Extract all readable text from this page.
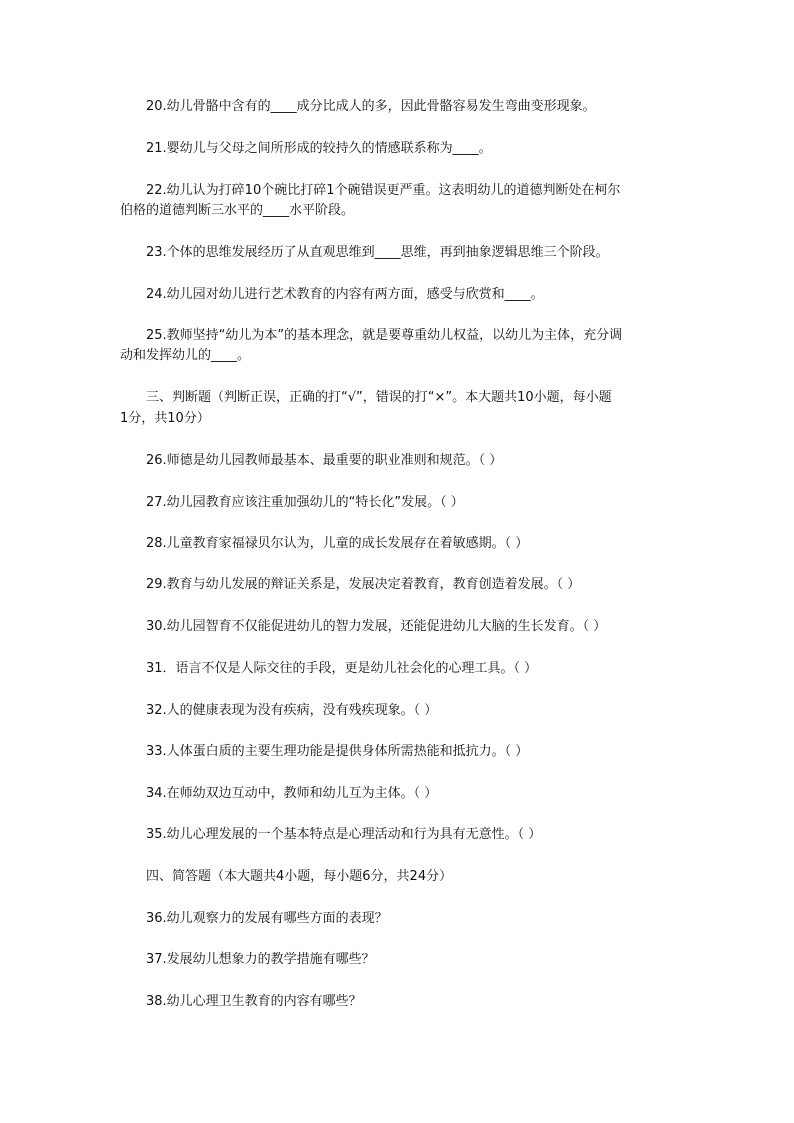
20.幼儿骨骼中含有的____成分比成人的多，因此骨骼容易发生弯曲变形现象。
21.婴幼儿与父母之间所形成的较持久的情感联系称为____。
22.幼儿认为打碎10个碗比打碎1个碗错误更严重。这表明幼儿的道德判断处在柯尔
伯格的道德判断三水平的____水平阶段。
23.个体的思维发展经历了从直观思维到____思维，再到抽象逻辑思维三个阶段。
24.幼儿园对幼儿进行艺术教育的内容有两方面，感受与欣赏和____。
25.教师坚持“幼儿为本”的基本理念，就是要尊重幼儿权益，以幼儿为主体，充分调
动和发挥幼儿的____。
三、判断题（判断正误，正确的打“√”，错误的打“×”。本大题共10小题，每小题
1分，共10分）
26.师德是幼儿园教师最基本、最重要的职业准则和规范。（ ）
27.幼儿园教育应该注重加强幼儿的“特长化”发展。（ ）
28.儿童教育家福禄贝尔认为，儿童的成长发展存在着敏感期。（ ）
29.教育与幼儿发展的辩证关系是，发展决定着教育，教育创造着发展。（ ）
30.幼儿园智育不仅能促进幼儿的智力发展，还能促进幼儿大脑的生长发育。（ ）
31．语言不仅是人际交往的手段，更是幼儿社会化的心理工具。（ ）
32.人的健康表现为没有疾病，没有残疾现象。（ ）
33.人体蛋白质的主要生理功能是提供身体所需热能和抵抗力。（ ）
34.在师幼双边互动中，教师和幼儿互为主体。（ ）
35.幼儿心理发展的一个基本特点是心理活动和行为具有无意性。（ ）
四、简答题（本大题共4小题，每小题6分，共24分）
36.幼儿观察力的发展有哪些方面的表现？
37.发展幼儿想象力的教学措施有哪些？
38.幼儿心理卫生教育的内容有哪些？
